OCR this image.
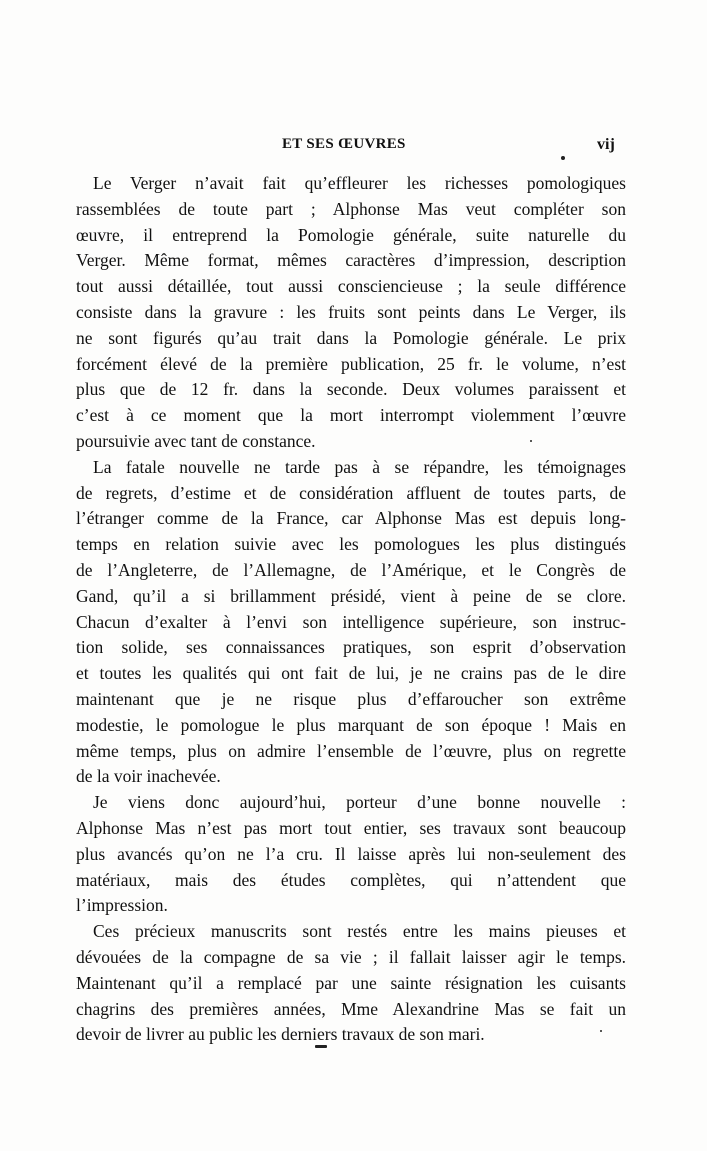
ET SES ŒUVRES	vij

Le Verger n’avait fait qu’effleurer les richesses pomologiques
rassemblées de toute part ; Alphonse Mas veut compléter son
œuvre, il entreprend la Pomologie générale, suite naturelle du
Verger. Même format, mêmes caractères d’impression, description
tout aussi détaillée, tout aussi consciencieuse ; la seule différence
consiste dans la gravure : les fruits sont peints dans Le Verger, ils
ne sont figurés qu’au trait dans la Pomologie générale. Le prix
forcément élevé de la première publication, 25 fr. le volume, n’est
plus que de 12 fr. dans la seconde. Deux volumes paraissent et
c’est à ce moment que la mort interrompt violemment l’œuvre
poursuivie avec tant de constance.

La fatale nouvelle ne tarde pas à se répandre, les témoignages
de regrets, d’estime et de considération affluent de toutes parts, de
l’étranger comme de la France, car Alphonse Mas est depuis long-
temps en relation suivie avec les pomologues les plus distingués
de l’Angleterre, de l’Allemagne, de l’Amérique, et le Congrès de
Gand, qu’il a si brillamment présidé, vient à peine de se clore.
Chacun d’exalter à l’envi son intelligence supérieure, son instruc-
tion solide, ses connaissances pratiques, son esprit d’observation
et toutes les qualités qui ont fait de lui, je ne crains pas de le dire
maintenant que je ne risque plus d’effaroucher son extrême
modestie, le pomologue le plus marquant de son époque ! Mais en
même temps, plus on admire l’ensemble de l’œuvre, plus on regrette
de la voir inachevée.

Je viens donc aujourd’hui, porteur d’une bonne nouvelle :
Alphonse Mas n’est pas mort tout entier, ses travaux sont beaucoup
plus avancés qu’on ne l’a cru. Il laisse après lui non-seulement des
matériaux, mais des études complètes, qui n’attendent que
l’impression.

Ces précieux manuscrits sont restés entre les mains pieuses et
dévouées de la compagne de sa vie ; il fallait laisser agir le temps.
Maintenant qu’il a remplacé par une sainte résignation les cuisants
chagrins des premières années, Mme Alexandrine Mas se fait un
devoir de livrer au public les derniers travaux de son mari.
